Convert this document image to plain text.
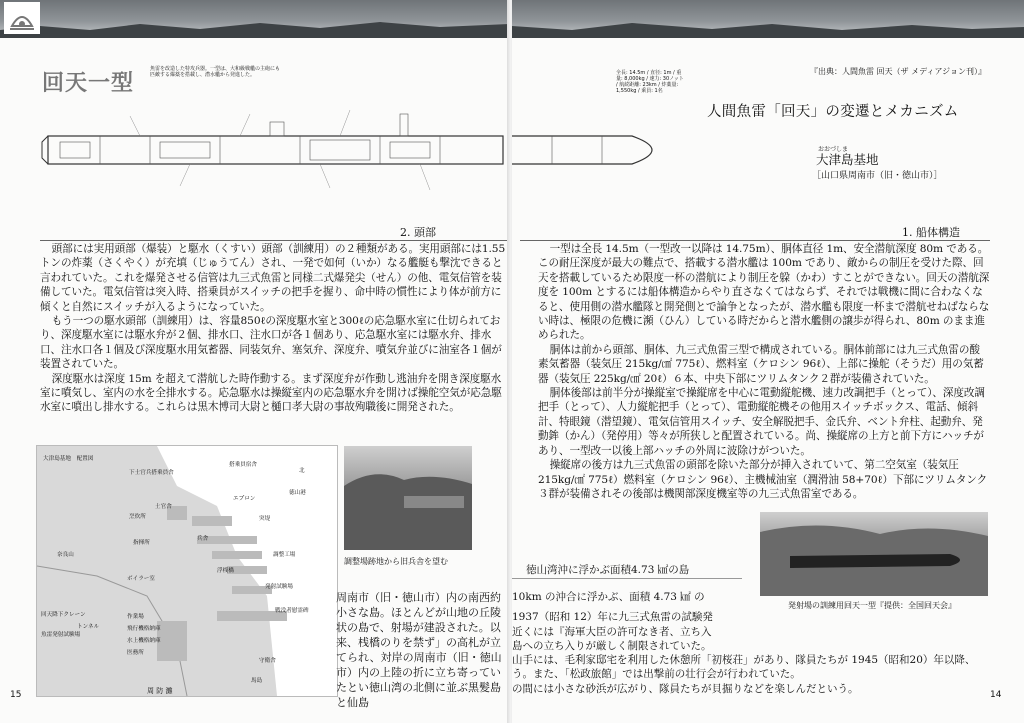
回天一型
魚雷を改造した特攻兵器。一型は、大和級戦艦の主砲にも匹敵する爆薬を搭載し、潜水艦から発進した。
2. 頭部
頭部には実用頭部（爆装）と駆水（くすい）頭部（訓練用）の２種類がある。実用頭部には1.55トンの炸薬（さくやく）が充填（じゅうてん）され、一発で如何（いか）なる艦艇も撃沈できると言われていた。これを爆発させる信管は九三式魚雷と同様二式爆発尖（せん）の他、電気信管を装備していた。電気信管は突入時、搭乗員がスイッチの把手を握り、命中時の慣性により体が前方に傾くと自然にスイッチが入るようになっていた。
もう一つの駆水頭部（訓練用）は、容量850ℓの深度駆水室と300ℓの応急駆水室に仕切られており、深度駆水室には駆水弁が２個、排水口、注水口が各１個あり、応急駆水室には駆水弁、排水口、注水口各１個及び深度駆水用気蓄器、同装気弁、塞気弁、深度弁、噴気弁並びに油室各１個が装置されていた。
深度駆水は深度 15m を超えて潜航した時作動する。まず深度弁が作動し逃油弁を開き深度駆水室に噴気し、室内の水を全排水する。応急駆水は操縦室内の応急駆水弁を開けば操舵空気が応急駆水室に噴出し排水する。これらは黒木博司大尉と樋口孝大尉の事故殉職後に開発された。
大津島基地　配置図
下士官兵搭乗員舎
徳山港
搭乗員宿舎
兵舎
エプロン
土官舎
烹炊所
指揮所
発射試験場
調整工場
奈良山
突堤
周 防 灘
ボイラー室
回天降下クレーン
トンネル
魚雷発射試験場
作業場
飛行機格納庫
水上機格納庫
医務所
浮桟橋
戦没者慰霊碑
守衛舎
馬島
北
調整場跡地から旧兵舎を望む
周南市（旧・徳山市）内の南西約小さな島。ほとんどが山地の丘陵状の島で、射場が建設された。以来、桟橋のりを禁ず」の高札が立てられ、対岸の周南市（旧・徳山市）内の上陸の折に立ち寄っていたとい徳山湾の北側に並ぶ黒髪島と仙島
15
全長: 14.5m / 直径: 1m / 重量: 8,000kg / 速力: 30ノット / 航続距離: 23km / 炸薬量: 1,550kg / 乗員: 1名
『出典：人間魚雷 回天（ザ メディアジョン刊）』
人間魚雷「回天」の変遷とメカニズム
おおづしま
大津島基地
［山口県周南市（旧・徳山市）］
1. 船体構造
一型は全長 14.5m（一型改一以降は 14.75m）、胴体直径 1m、安全潜航深度 80m である。この耐圧深度が最大の難点で、搭載する潜水艦は 100m であり、敵からの制圧を受けた際、回天を搭載しているため限度一杯の潜航により制圧を躱（かわ）すことができない。回天の潜航深度を 100m とするには船体構造からやり直さなくてはならず、それでは戦機に間に合わなくなると、使用側の潜水艦隊と開発側とで論争となったが、潜水艦も限度一杯まで潜航せねばならない時は、極限の危機に瀕（ひん）している時だからと潜水艦側の譲歩が得られ、80m のまま進められた。
胴体は前から頭部、胴体、九三式魚雷三型で構成されている。胴体前部には九三式魚雷の酸素気蓄器（装気圧 215kg/㎠ 775ℓ）、燃料室（ケロシン 96ℓ）、上部に操舵（そうだ）用の気蓄器（装気圧 225kg/㎠ 20ℓ）６本、中央下部にツリムタンク２群が装備されていた。
胴体後部は前半分が操縦室で操縦席を中心に電動縦舵機、速力改調把手（とって）、深度改調把手（とって）、人力縦舵把手（とって）、電動縦舵機その他用スイッチボックス、電話、傾斜計、特眼鏡（潜望鏡）、電気信管用スイッチ、安全解脱把手、金氏弁、ベント弁柱、起動弁、発動鉾（かん）（発停用）等々が所狭しと配置されている。尚、操縦席の上方と前下方にハッチがあり、一型改一以後上部ハッチの外周に波除けがついた。
操縦席の後方は九三式魚雷の頭部を除いた部分が挿入されていて、第二空気室（装気圧 215kg/㎠ 775ℓ）燃料室（ケロシン 96ℓ）、主機械油室（潤滑油 58+70ℓ）下部にツリムタンク３群が装備されその後部は機関部深度機室等の九三式魚雷室である。
発射場の訓練用回天一型『提供：全国回天会』
徳山湾沖に浮かぶ面積4.73 ㎢の島
10km の沖合に浮かぶ、面積 4.73 ㎢ の
1937（昭和 12）年に九三式魚雷の試験発
近くには『海軍大臣の許可なき者、立ち入
島への立ち入りが厳しく制限されていた。
山手には、毛利家邸宅を利用した休憩所「初桜荘」があり、隊員たちが 1945（昭和20）年以降、
う。また、「松政旅館」では出撃前の壮行会が行われていた。
の間には小さな砂浜が広がり、隊員たちが貝掘りなどを楽しんだという。
14
